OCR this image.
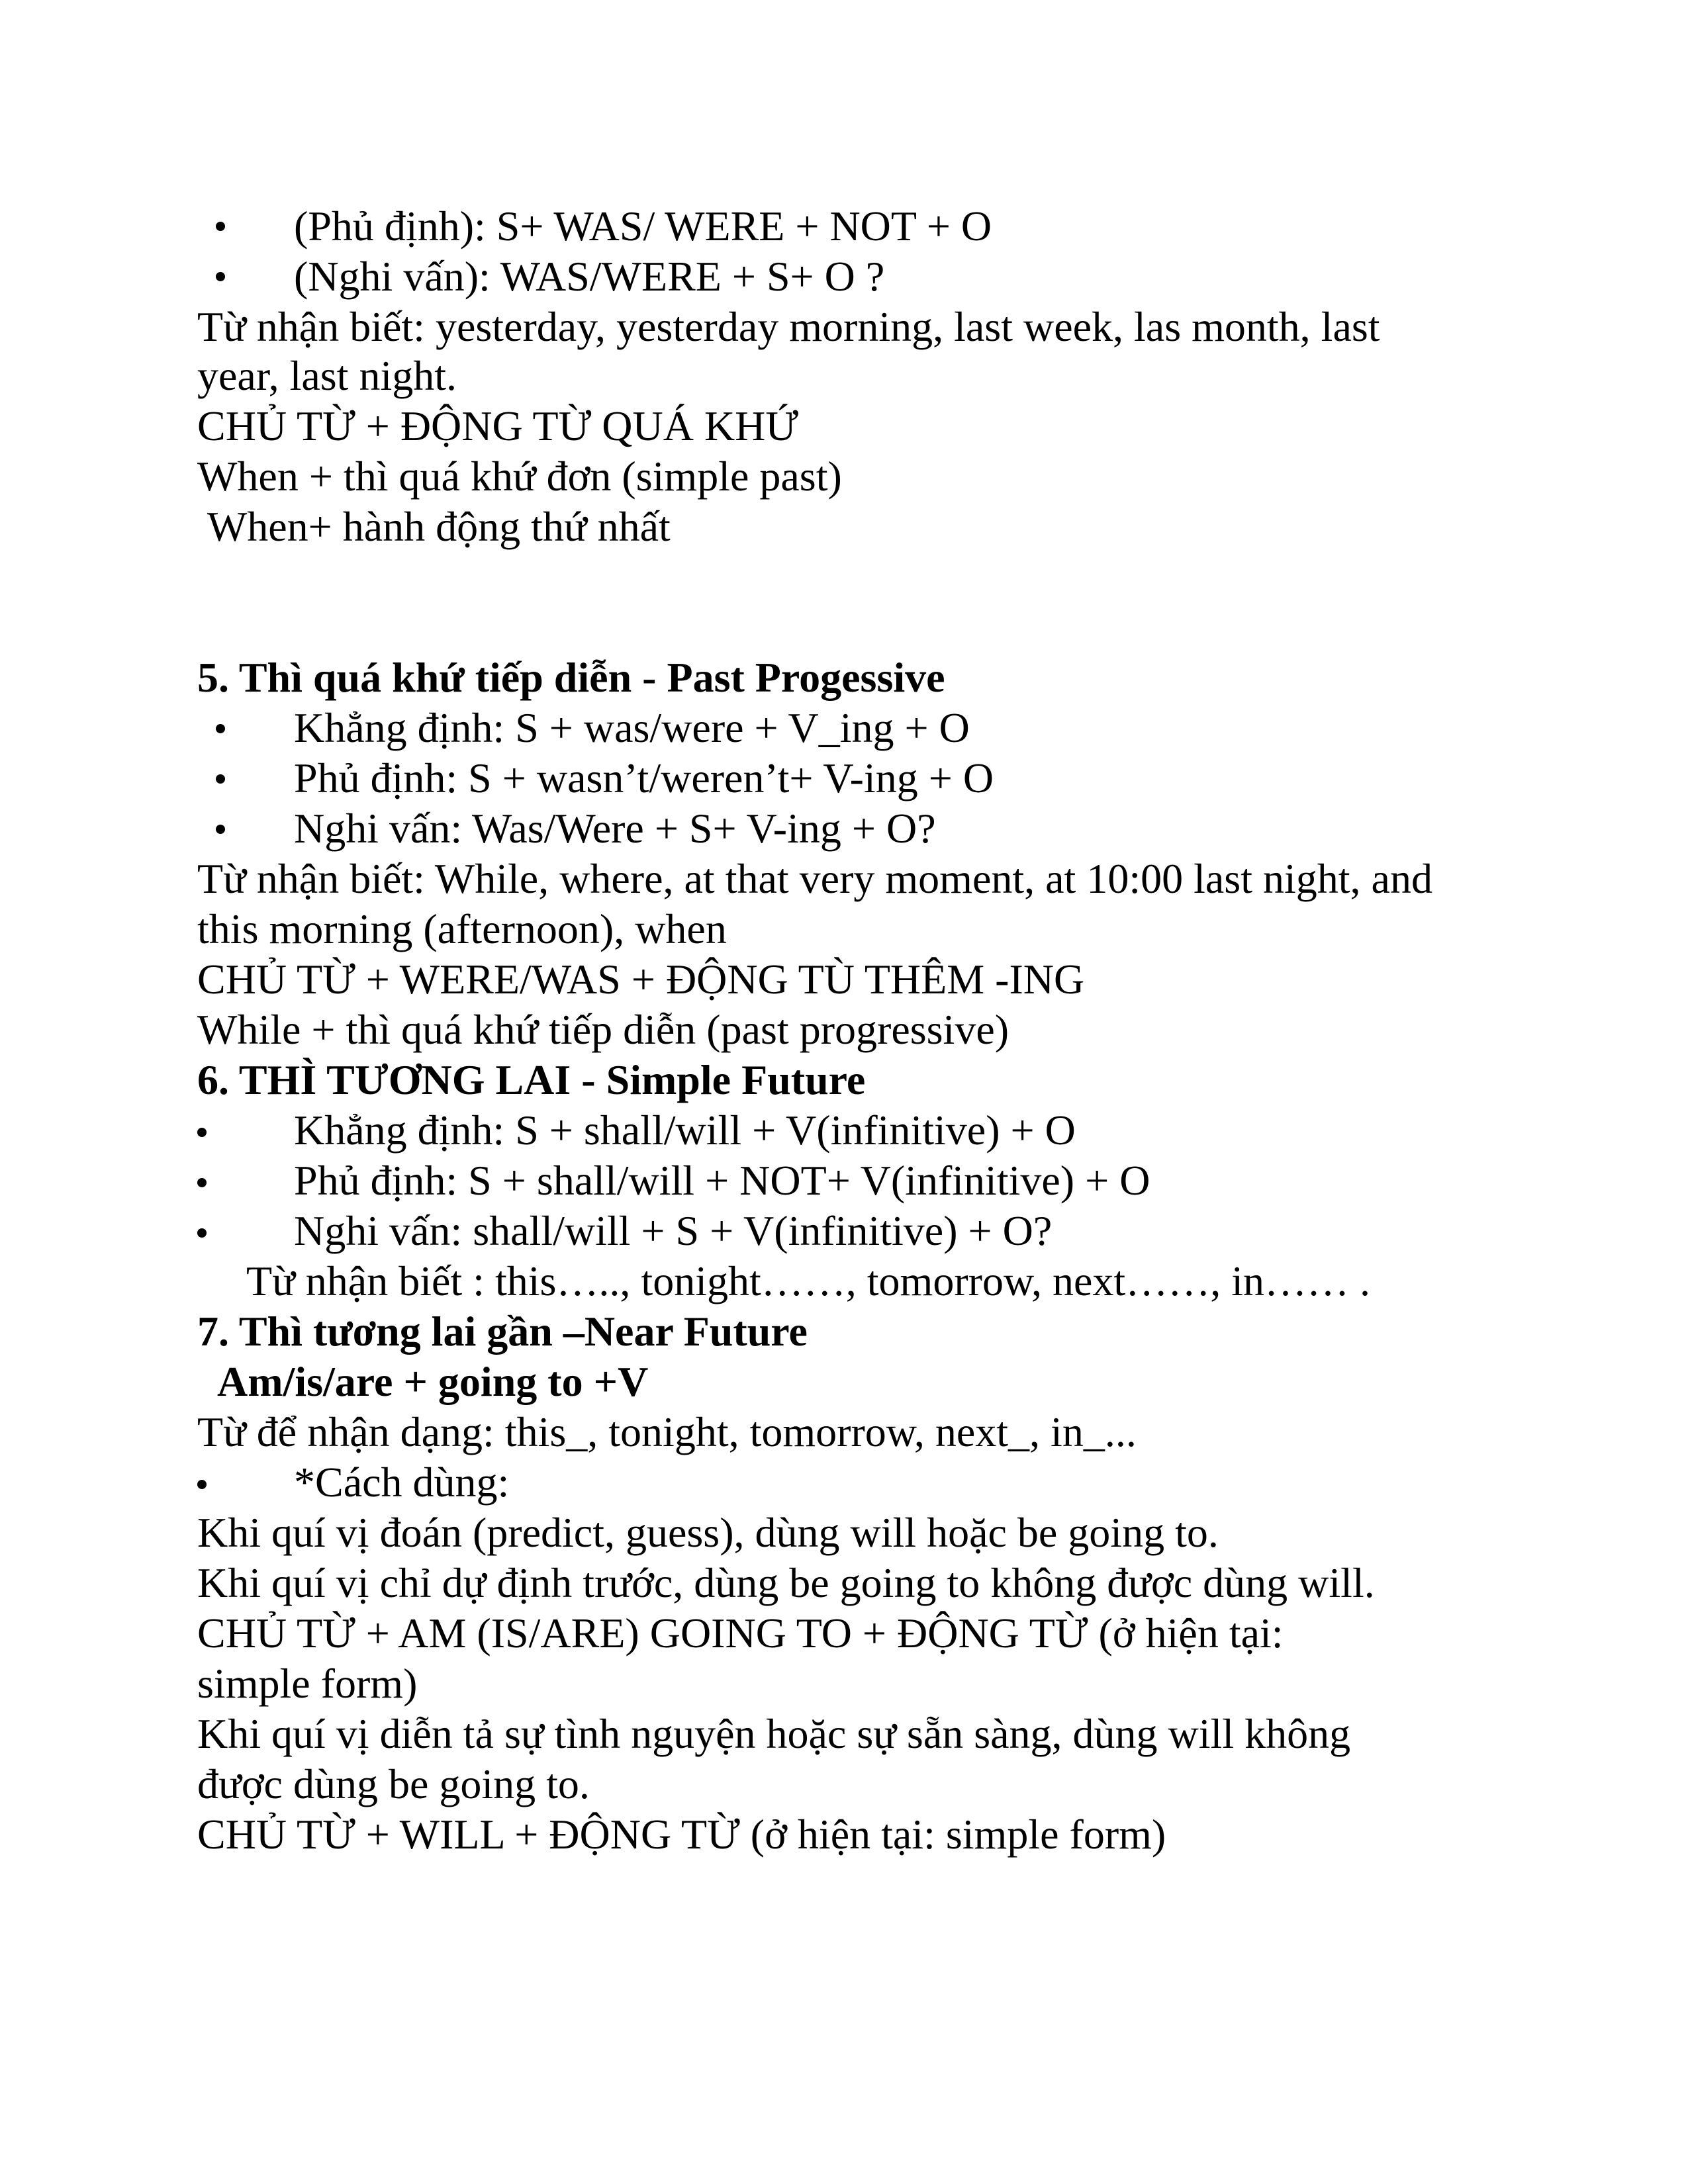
(Phủ định): S+ WAS/ WERE + NOT + O
(Nghi vấn): WAS/WERE + S+ O ?
Từ nhận biết: yesterday, yesterday morning, last week, las month, last
year, last night.
CHỦ TỪ + ĐỘNG TỪ QUÁ KHỨ
When + thì quá khứ đơn (simple past)
When+ hành động thứ nhất
5. Thì quá khứ tiếp diễn - Past Progessive
Khẳng định: S + was/were + V_ing + O
Phủ định: S + wasn’t/weren’t+ V-ing + O
Nghi vấn: Was/Were + S+ V-ing + O?
Từ nhận biết: While, where, at that very moment, at 10:00 last night, and
this morning (afternoon), when
CHỦ TỪ + WERE/WAS + ĐỘNG TÙ THÊM -ING
While + thì quá khứ tiếp diễn (past progressive)
6. THÌ TƯƠNG LAI - Simple Future
Khẳng định: S + shall/will + V(infinitive) + O
Phủ định: S + shall/will + NOT+ V(infinitive) + O
Nghi vấn: shall/will + S + V(infinitive) + O?
Từ nhận biết : this….., tonight……, tomorrow, next……, in…… .
7. Thì tương lai gần –Near Future
Am/is/are + going to +V
Từ để nhận dạng: this_, tonight, tomorrow, next_, in_...
*Cách dùng:
Khi quí vị đoán (predict, guess), dùng will hoặc be going to.
Khi quí vị chỉ dự định trước, dùng be going to không được dùng will.
CHỦ TỪ + AM (IS/ARE) GOING TO + ĐỘNG TỪ (ở hiện tại:
simple form)
Khi quí vị diễn tả sự tình nguyện hoặc sự sẵn sàng, dùng will không
được dùng be going to.
CHỦ TỪ + WILL + ĐỘNG TỪ (ở hiện tại: simple form)
